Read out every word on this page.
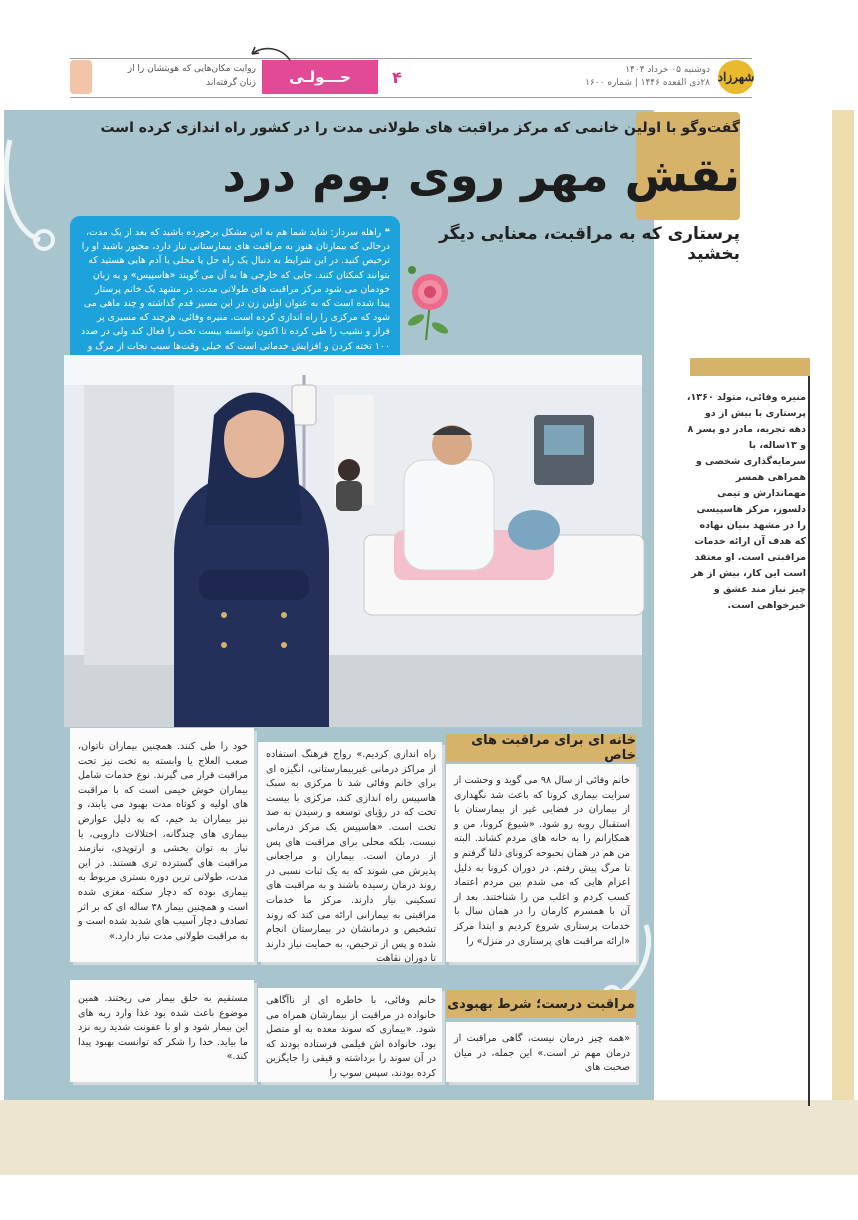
شهرزاد
دوشنبه ۰۵ خرداد ۱۴۰۴
۲۸ذی القعده ۱۴۴۶ | شماره ۱۶۰۰
۴
حـــولـی
روایت مکان‌هایی که هویتشان را از زنان گرفته‌اند
گفت‌و‌گو با اولین خانمی که مرکز مراقبت های طولانی مدت را در کشور راه اندازی کرده است
نقش مهر روی بوم درد
پرستاری که به مراقبت، معنایی دیگر بخشید
❝ راهله سردار: شاید شما هم به این مشکل برخورده باشید که بعد از یک مدت، درحالی که بیمارتان هنوز به مراقبت های بیمارستانی نیاز دارد، مجبور باشید او را ترخیص کنید. در این شرایط به دنبال یک راه حل یا محلی یا آدم هایی هستید که بتوانند کمکتان کنند. جایی که خارجی ها به آن می گویند «هاسپیس» و به زبان خودمان می شود مرکز مراقبت های طولانی مدت. در مشهد یک خانم پرستار پیدا شده است که به عنوان اولین زن در این مسیر قدم گذاشته و چند ماهی می شود که مرکزی را راه اندازی کرده است. منیره وفائی، هرچند که مسیری پر فراز و نشیب را طی کرده تا اکنون توانسته بیست تخت را فعال کند ولی در صدد ۱۰۰ تخته کردن و افزایش خدماتی است که خیلی وقت‌ها سبب نجات از مرگ و
منیره وفائی، متولد ۱۳۶۰، پرستاری با بیش از دو دهه تجربه، مادر دو پسر ۸ و ۱۳ساله، با سرمایه‌گذاری شخصی و همراهی همسر مهماندارش و تیمی دلسوز، مرکز هاسپیسی را در مشهد بنیان نهاده که هدف آن ارائه خدمات مراقبتی است. او معتقد است این کار، بیش از هر چیز نیاز مند عشق و خیرخواهی است.
خانه ای برای مراقبت های خاص
خانم وفائی از سال ۹۸ می گوید و وحشت از سرایت بیماری کرونا که باعث شد نگهداری از بیماران در فضایی غیر از بیمارستان با استقبال روبه رو شود. «شیوع کرونا، من و همکارانم را به خانه های مردم کشاند. البته من هم در همان بحبوحه کرونای دلتا گرفتم و تا مرگ پیش رفتم. در دوران کرونا به دلیل اعزام هایی که می شدم بین مردم اعتماد کسب کردم و اغلب من را شناختند. بعد از آن با همسرم کارمان را در همان سال با خدمات پرستاری شروع کردیم و ابتدا مرکز «ارائه مراقبت های پرستاری در منزل» را
راه اندازی کردیم.» رواج فرهنگ استفاده از مراکز درمانی غیربیمارستانی، انگیزه ای برای خانم وفائی شد تا مرکزی به سبک هاسپیس راه اندازی کند، مرکزی با بیست تخت که در رؤیای توسعه و رسیدن به صد تخت است. «هاسپیس یک مرکز درمانی نیست، بلکه محلی برای مراقبت های پس از درمان است. بیماران و مراجعانی پذیرش می شوند که به یک ثبات نسبی در روند درمان رسیده باشند و به مراقبت های تسکینی نیاز دارند. مرکز ما خدمات مراقبتی به بیمارانی ارائه می کند که روند تشخیص و درمانشان در بیمارستان انجام شده و پس از ترخیص، به حمایت نیاز دارند تا دوران نقاهت
خود را طی کنند. همچنین بیماران ناتوان، صعب العلاج یا وابسته به تخت نیز تحت مراقبت قرار می گیرند. نوع خدمات شامل بیماران خوش خیمی است که با مراقبت های اولیه و کوتاه مدت بهبود می یابند، و نیز بیماران بد خیم، که به دلیل عوارض بیماری های چندگانه، اختلالات دارویی، یا نیاز به توان بخشی و ارتوپدی، نیازمند مراقبت های گسترده تری هستند. در این مدت، طولانی ترین دوره بستری مربوط به بیماری بوده که دچار سکته مغزی شده است و همچنین بیمار ۳۸ ساله ای که بر اثر تصادف دچار آسیب های شدید شده است و به مراقبت طولانی مدت نیاز دارد.»
مراقبت درست؛ شرط بهبودی
«همه چیز درمان نیست، گاهی مراقبت از درمان مهم تر است.» این جمله، در میان صحبت های
خانم وفائی، با خاطره ای از ناآگاهی خانواده در مراقبت از بیمارشان همراه می شود. «بیماری که سوند معده به او متصل بود، خانواده اش فیلمی فرستاده بودند که در آن سوند را برداشته و قیفی را جایگزین کرده بودند، سپس سوپ را
مستقیم به حلق بیمار می ریختند. همین موضوع باعث شده بود غذا وارد ریه های این بیمار شود و او با عفونت شدید ریه نزد ما بیاید. خدا را شکر که توانست بهبود پیدا کند.»
